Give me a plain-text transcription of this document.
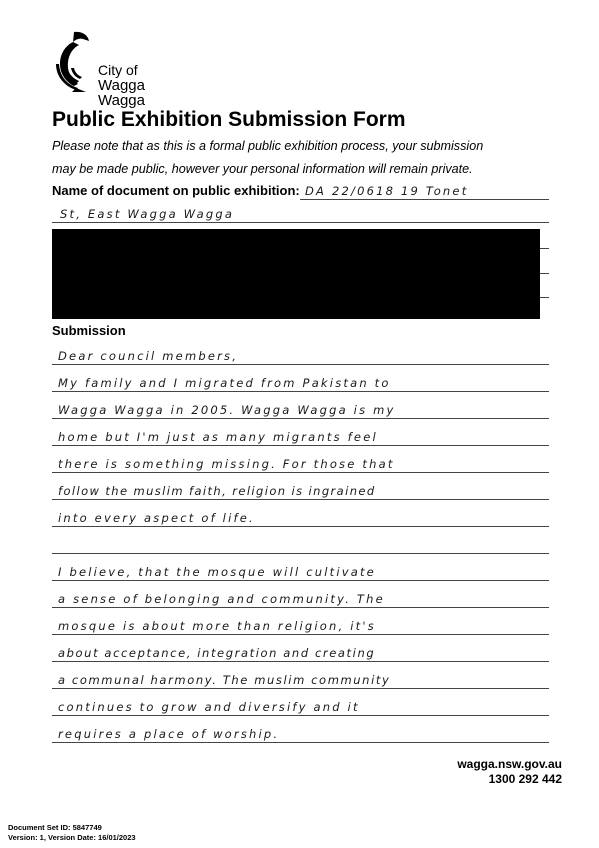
City of
Wagga Wagga
Public Exhibition Submission Form
Please note that as this is a formal public exhibition process, your submission
may be made public, however your personal information will remain private.
Name of document on public exhibition: DA 22/0618 19 Tonet
St, East Wagga Wagga
Submission
Dear council members,
My family and I migrated from Pakistan to
Wagga Wagga in 2005. Wagga Wagga is my
home but I'm just as many migrants feel
there is something missing. For those that
follow the muslim faith, religion is ingrained
into every aspect of life.
I believe, that the mosque will cultivate
a sense of belonging and community. The
mosque is about more than religion, it's
about acceptance, integration and creating
a communal harmony. The muslim community
continues to grow and diversify and it
requires a place of worship.
wagga.nsw.gov.au
1300 292 442
Document Set ID: 5847749
Version: 1, Version Date: 16/01/2023
